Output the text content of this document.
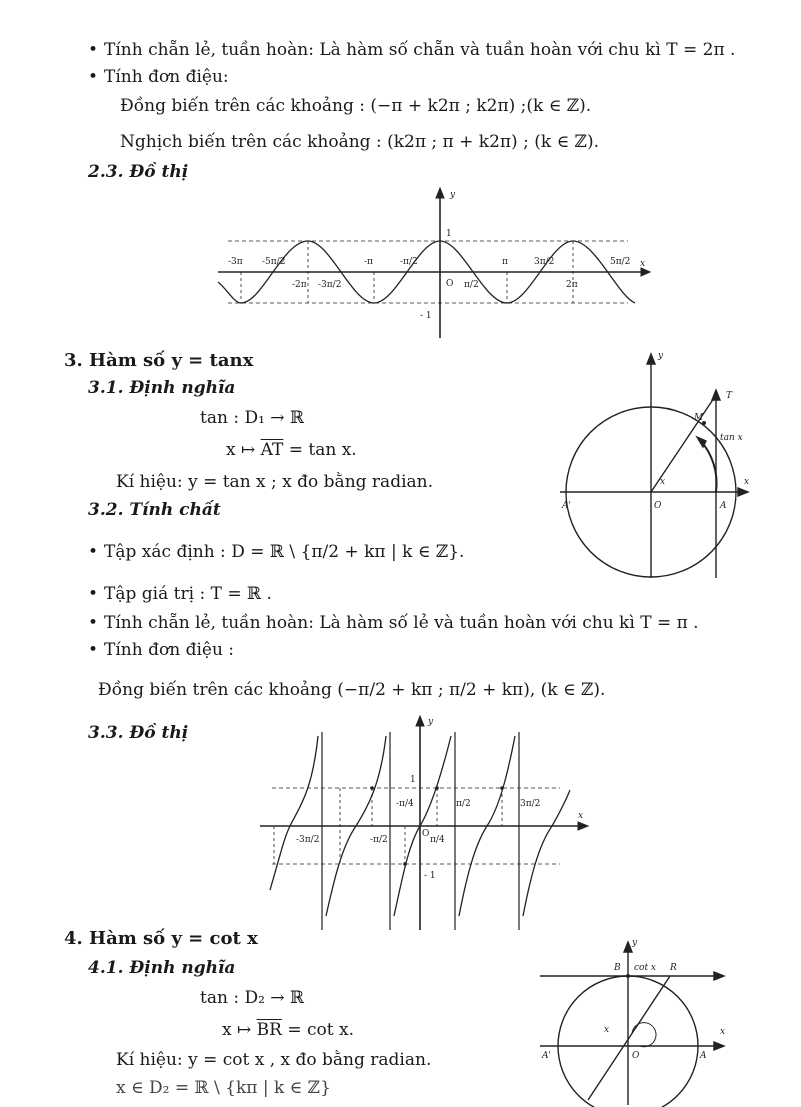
• Tính chẵn lẻ, tuần hoàn: Là hàm số chẵn và tuần hoàn với chu kì T = 2π .
• Tính đơn điệu:
Đồng biến trên các khoảng : (−π + k2π ; k2π) ;(k ∈ ℤ).
Nghịch biến trên các khoảng : (k2π ; π + k2π) ; (k ∈ ℤ).
2.3. Đồ thị
y
x
1
- 1
O
-3π -5π/2	-π	-π/2	π	3π/2	5π/2
-2π -3π/2	π/2	2π
3. Hàm số y = tanx
3.1. Định nghĩa
tan : D₁ → ℝ
x ↦ $\overline{AT} = \tan x$.
Kí hiệu: y = tan x ; x đo bằng radian.
3.2. Tính chất
• Tập xác định : D = ℝ \ {π/2 + kπ | k ∈ ℤ}.
• Tập giá trị : T = ℝ .
• Tính chẵn lẻ, tuần hoàn: Là hàm số lẻ và tuần hoàn với chu kì T = π .
• Tính đơn điệu :
Đồng biến trên các khoảng (−π/2 + kπ ; π/2 + kπ), (k ∈ ℤ).
3.3. Đồ thị
y
x
T
M
tan x
A'	O	A
x
y
x
1
- 1
O
-3π/2	-π/2
-π/4
π/4
π/2	3π/2
4. Hàm số y = cot x
4.1. Định nghĩa
tan : D₂ → ℝ
x ↦ $\overline{BR} = \cot x$.
Kí hiệu: y = cot x , x đo bằng radian.
x ∈ D₂ = ℝ \ {kπ | k ∈ ℤ}
y
B cot x R
x
A'	O	A
x
